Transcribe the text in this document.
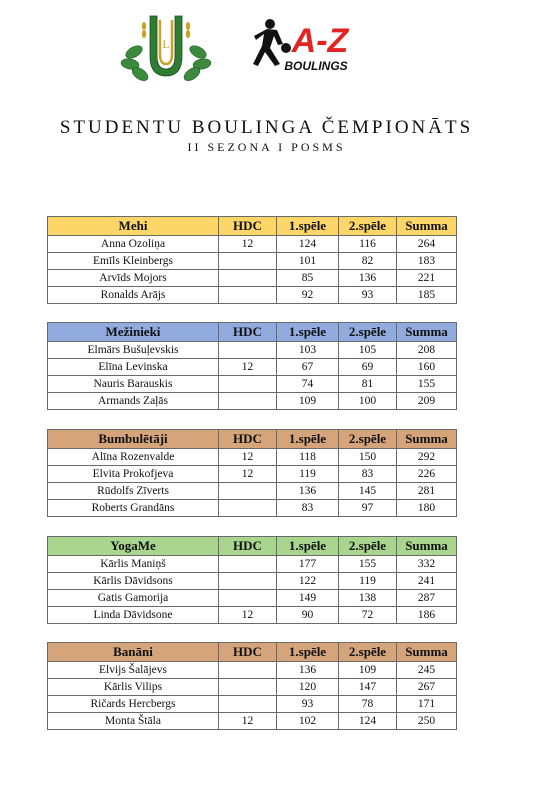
L	A-Z
BOULINGS
STUDENTU BOULINGA ČEMPIONĀTS
II SEZONA I POSMS
Mehi	HDC	1.spēle	2.spēle	Summa
Anna Ozoliņa	12	124	116	264
Emīls Kleinbergs		101	82	183
Arvīds Mojors		85	136	221
Ronalds Arājs		92	93	185
Mežinieki	HDC	1.spēle	2.spēle	Summa
Elmārs Bušuļevskis		103	105	208
Elīna Levinska	12	67	69	160
Nauris Barauskis		74	81	155
Armands Zaļās		109	100	209
Bumbulētāji	HDC	1.spēle	2.spēle	Summa
Alīna Rozenvalde	12	118	150	292
Elvita Prokofjeva	12	119	83	226
Rūdolfs Zīverts		136	145	281
Roberts Grandāns		83	97	180
YogaMe	HDC	1.spēle	2.spēle	Summa
Kārlis Maniņš		177	155	332
Kārlis Dāvidsons		122	119	241
Gatis Gamorija		149	138	287
Linda Dāvidsone	12	90	72	186
Banāni	HDC	1.spēle	2.spēle	Summa
Elvijs Šalājevs		136	109	245
Kārlis Vilips		120	147	267
Ričards Hercbergs		93	78	171
Monta Štāla	12	102	124	250
